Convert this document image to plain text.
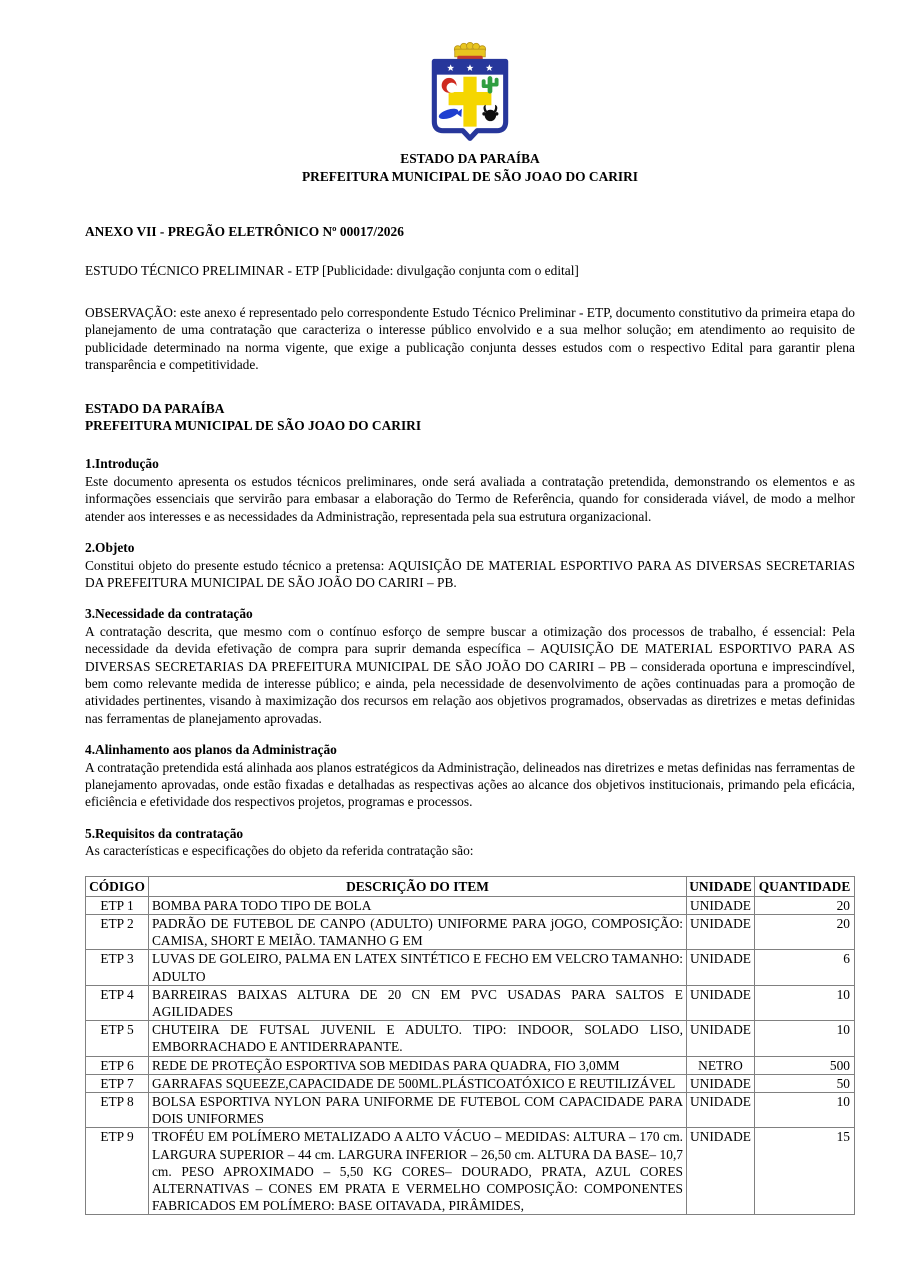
ESTADO DA PARAÍBA
PREFEITURA MUNICIPAL DE SÃO JOAO DO CARIRI
ANEXO VII - PREGÃO ELETRÔNICO Nº 00017/2026
ESTUDO TÉCNICO PRELIMINAR - ETP [Publicidade: divulgação conjunta com o edital]
OBSERVAÇÃO: este anexo é representado pelo correspondente Estudo Técnico Preliminar - ETP, documento constitutivo da primeira etapa do planejamento de uma contratação que caracteriza o interesse público envolvido e a sua melhor solução; em atendimento ao requisito de publicidade determinado na norma vigente, que exige a publicação conjunta desses estudos com o respectivo Edital para garantir plena transparência e competitividade.
ESTADO DA PARAÍBA
PREFEITURA MUNICIPAL DE SÃO JOAO DO CARIRI
1.Introdução
Este documento apresenta os estudos técnicos preliminares, onde será avaliada a contratação pretendida, demonstrando os elementos e as informações essenciais que servirão para embasar a elaboração do Termo de Referência, quando for considerada viável, de modo a melhor atender aos interesses e as necessidades da Administração, representada pela sua estrutura organizacional.
2.Objeto
Constitui objeto do presente estudo técnico a pretensa: AQUISIÇÃO DE MATERIAL ESPORTIVO PARA AS DIVERSAS SECRETARIAS DA PREFEITURA MUNICIPAL DE SÃO JOÃO DO CARIRI – PB.
3.Necessidade da contratação
A contratação descrita, que mesmo com o contínuo esforço de sempre buscar a otimização dos processos de trabalho, é essencial: Pela necessidade da devida efetivação de compra para suprir demanda específica – AQUISIÇÃO DE MATERIAL ESPORTIVO PARA AS DIVERSAS SECRETARIAS DA PREFEITURA MUNICIPAL DE SÃO JOÃO DO CARIRI – PB – considerada oportuna e imprescindível, bem como relevante medida de interesse público; e ainda, pela necessidade de desenvolvimento de ações continuadas para a promoção de atividades pertinentes, visando à maximização dos recursos em relação aos objetivos programados, observadas as diretrizes e metas definidas nas ferramentas de planejamento aprovadas.
4.Alinhamento aos planos da Administração
A contratação pretendida está alinhada aos planos estratégicos da Administração, delineados nas diretrizes e metas definidas nas ferramentas de planejamento aprovadas, onde estão fixadas e detalhadas as respectivas ações ao alcance dos objetivos institucionais, primando pela eficácia, eficiência e efetividade dos respectivos projetos, programas e processos.
5.Requisitos da contratação
As características e especificações do objeto da referida contratação são:
CÓDIGO	DESCRIÇÃO DO ITEM	UNIDADE	QUANTIDADE
ETP 1	BOMBA PARA TODO TIPO DE BOLA	UNIDADE	20
ETP 2	PADRÃO DE FUTEBOL DE CANPO (ADULTO) UNIFORME PARA jOGO, COMPOSIÇÃO: CAMISA, SHORT E MEIÃO. TAMANHO G EM	UNIDADE	20
ETP 3	LUVAS DE GOLEIRO, PALMA EN LATEX SINTÉTICO E FECHO EM VELCRO TAMANHO: ADULTO	UNIDADE	6
ETP 4	BARREIRAS BAIXAS ALTURA DE 20 CN EM PVC USADAS PARA SALTOS E AGILIDADES	UNIDADE	10
ETP 5	CHUTEIRA DE FUTSAL JUVENIL E ADULTO. TIPO: INDOOR, SOLADO LISO, EMBORRACHADO E ANTIDERRAPANTE.	UNIDADE	10
ETP 6	REDE DE PROTEÇÃO ESPORTIVA SOB MEDIDAS PARA QUADRA, FIO 3,0MM	NETRO	500
ETP 7	GARRAFAS SQUEEZE,CAPACIDADE DE 500ML.PLÁSTICOATÓXICO E REUTILIZÁVEL	UNIDADE	50
ETP 8	BOLSA ESPORTIVA NYLON PARA UNIFORME DE FUTEBOL COM CAPACIDADE PARA DOIS UNIFORMES	UNIDADE	10
ETP 9	TROFÉU EM POLÍMERO METALIZADO A ALTO VÁCUO – MEDIDAS: ALTURA – 170 cm. LARGURA SUPERIOR – 44 cm. LARGURA INFERIOR – 26,50 cm. ALTURA DA BASE– 10,7 cm. PESO APROXIMADO – 5,50 KG CORES– DOURADO, PRATA, AZUL CORES ALTERNATIVAS – CONES EM PRATA E VERMELHO COMPOSIÇÃO: COMPONENTES FABRICADOS EM POLÍMERO: BASE OITAVADA, PIRÂMIDES,	UNIDADE	15
